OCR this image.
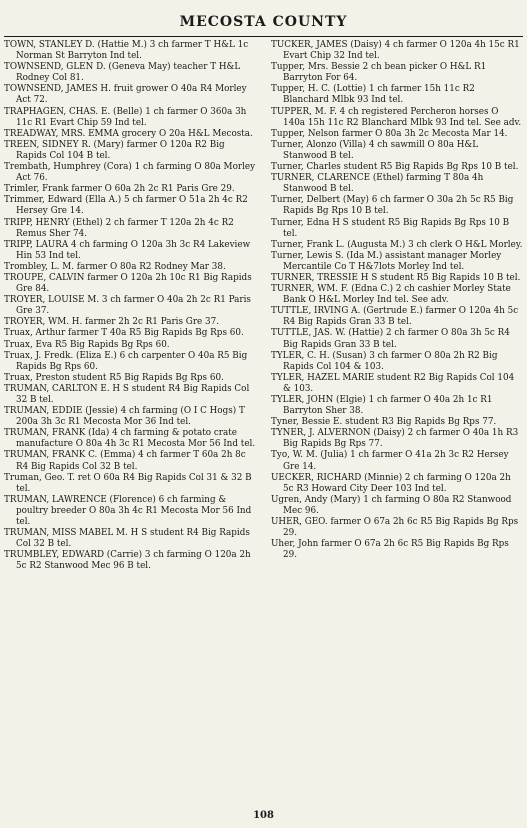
MECOSTA COUNTY

TOWN, STANLEY D. (Hattie M.) 3 ch farmer T H&L 1c Norman St Barryton Ind tel.

TOWNSEND, GLEN D. (Geneva May) teacher T H&L Rodney Col 81.

TOWNSEND, JAMES H. fruit grower O 40a R4 Morley Act 72.

TRAPHAGEN, CHAS. E. (Belle) 1 ch farmer O 360a 3h 11c R1 Evart Chip 59 Ind tel.

TREADWAY, MRS. EMMA grocery O 20a H&L Mecosta.

TREEN, SIDNEY R. (Mary) farmer O 120a R2 Big Rapids Col 104 B tel.

Trembath, Humphrey (Cora) 1 ch farming O 80a Morley Act 76.

Trimler, Frank farmer O 60a 2h 2c R1 Paris Gre 29.

Trimmer, Edward (Ella A.) 5 ch farmer O 51a 2h 4c R2 Hersey Gre 14.

TRIPP, HENRY (Ethel) 2 ch farmer T 120a 2h 4c R2 Remus Sher 74.

TRIPP, LAURA 4 ch farming O 120a 3h 3c R4 Lakeview Hin 53 Ind tel.

Trombley, L. M. farmer O 80a R2 Rodney Mar 38.

TROUPE, CALVIN farmer O 120a 2h 10c R1 Big Rapids Gre 84.

TROYER, LOUISE M. 3 ch farmer O 40a 2h 2c R1 Paris Gre 37.

TROYER, WM. H. farmer 2h 2c R1 Paris Gre 37.

Truax, Arthur farmer T 40a R5 Big Rapids Bg Rps 60.

Truax, Eva R5 Big Rapids Bg Rps 60.

Truax, J. Fredk. (Eliza E.) 6 ch carpenter O 40a R5 Big Rapids Bg Rps 60.

Truax, Preston student R5 Big Rapids Bg Rps 60.

TRUMAN, CARLTON E. H S student R4 Big Rapids Col 32 B tel.

TRUMAN, EDDIE (Jessie) 4 ch farming (O I C Hogs) T 200a 3h 3c R1 Mecosta Mor 36 Ind tel.

TRUMAN, FRANK (Ida) 4 ch farming & potato crate manufacture O 80a 4h 3c R1 Mecosta Mor 56 Ind tel.

TRUMAN, FRANK C. (Emma) 4 ch farmer T 60a 2h 8c R4 Big Rapids Col 32 B tel.

Truman, Geo. T. ret O 60a R4 Big Rapids Col 31 & 32 B tel.

TRUMAN, LAWRENCE (Florence) 6 ch farming & poultry breeder O 80a 3h 4c R1 Mecosta Mor 56 Ind tel.

TRUMAN, MISS MABEL M. H S student R4 Big Rapids Col 32 B tel.

TRUMBLEY, EDWARD (Carrie) 3 ch farming O 120a 2h 5c R2 Stanwood Mec 96 B tel.

TUCKER, JAMES (Daisy) 4 ch farmer O 120a 4h 15c R1 Evart Chip 32 Ind tel.

Tupper, Mrs. Bessie 2 ch bean picker O H&L R1 Barryton For 64.

Tupper, H. C. (Lottie) 1 ch farmer 15h 11c R2 Blanchard Mlbk 93 Ind tel.

TUPPER, M. F. 4 ch registered Percheron horses O 140a 15h 11c R2 Blanchard Mlbk 93 Ind tel. See adv.

Tupper, Nelson farmer O 80a 3h 2c Mecosta Mar 14.

Turner, Alonzo (Villa) 4 ch sawmill O 80a H&L Stanwood B tel.

Turner, Charles student R5 Big Rapids Bg Rps 10 B tel.

TURNER, CLARENCE (Ethel) farming T 80a 4h Stanwood B tel.

Turner, Delbert (May) 6 ch farmer O 30a 2h 5c R5 Big Rapids Bg Rps 10 B tel.

Turner, Edna H S student R5 Big Rapids Bg Rps 10 B tel.

Turner, Frank L. (Augusta M.) 3 ch clerk O H&L Morley.

Turner, Lewis S. (Ida M.) assistant manager Morley Mercantile Co T H&7lots Morley Ind tel.

TURNER, TRESSIE H S student R5 Big Rapids 10 B tel.

TURNER, WM. F. (Edna C.) 2 ch cashier Morley State Bank O H&L Morley Ind tel. See adv.

TUTTLE, IRVING A. (Gertrude E.) farmer O 120a 4h 5c R4 Big Rapids Gran 33 B tel.

TUTTLE, JAS. W. (Hattie) 2 ch farmer O 80a 3h 5c R4 Big Rapids Gran 33 B tel.

TYLER, C. H. (Susan) 3 ch farmer O 80a 2h R2 Big Rapids Col 104 & 103.

TYLER, HAZEL MARIE student R2 Big Rapids Col 104 & 103.

TYLER, JOHN (Elgie) 1 ch farmer O 40a 2h 1c R1 Barryton Sher 38.

Tyner, Bessie E. student R3 Big Rapids Bg Rps 77.

TYNER, J. ALVERNON (Daisy) 2 ch farmer O 40a 1h R3 Big Rapids Bg Rps 77.

Tyo, W. M. (Julia) 1 ch farmer O 41a 2h 3c R2 Hersey Gre 14.

UECKER, RICHARD (Minnie) 2 ch farming O 120a 2h 5c R3 Howard City Deer 103 Ind tel.

Ugren, Andy (Mary) 1 ch farming O 80a R2 Stanwood Mec 96.

UHER, GEO. farmer O 67a 2h 6c R5 Big Rapids Bg Rps 29.

Uher, John farmer O 67a 2h 6c R5 Big Rapids Bg Rps 29.

108
